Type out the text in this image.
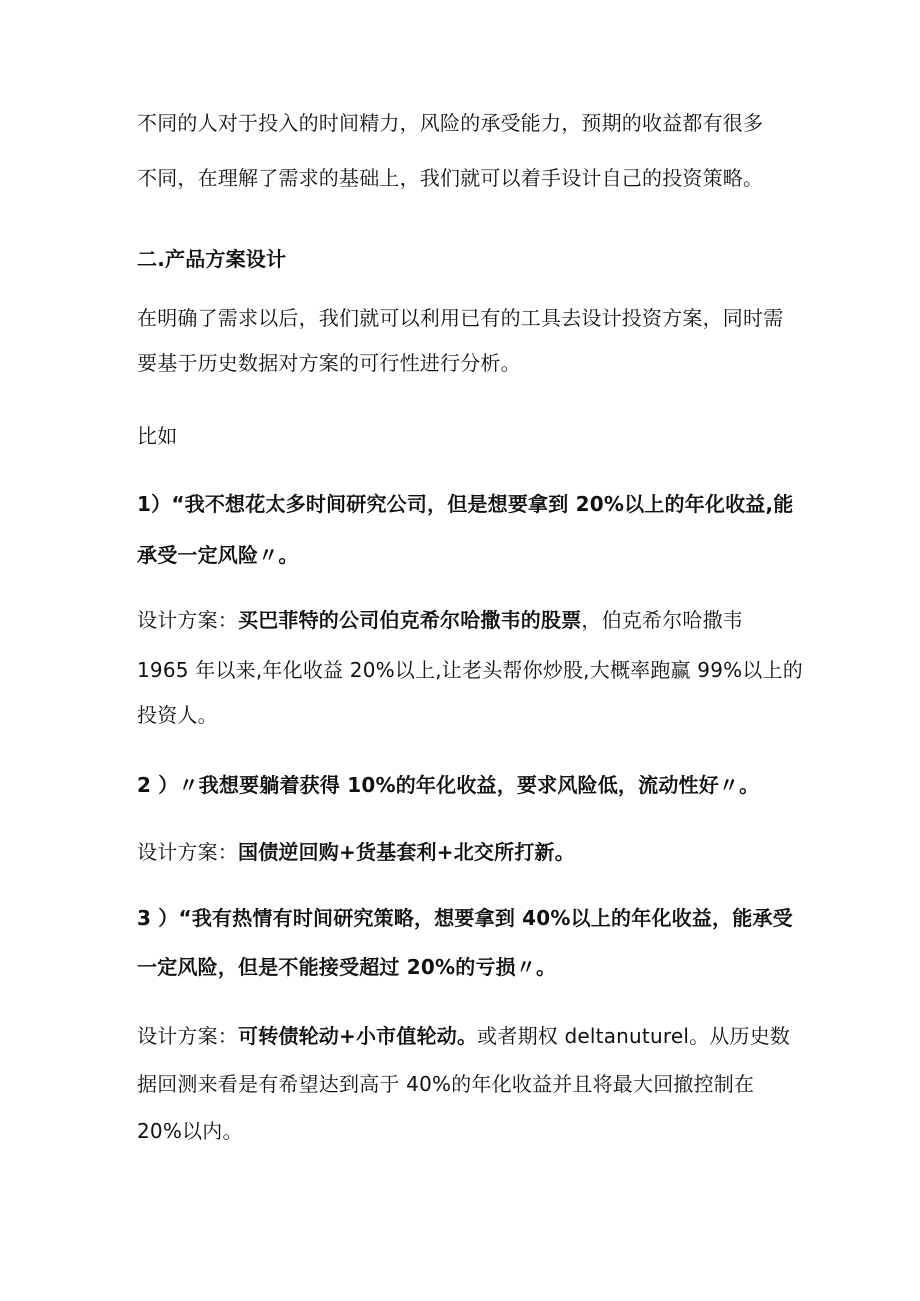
不同的人对于投入的时间精力，风险的承受能力，预期的收益都有很多
不同，在理解了需求的基础上，我们就可以着手设计自己的投资策略。
二.产品方案设计
在明确了需求以后，我们就可以利用已有的工具去设计投资方案，同时需
要基于历史数据对方案的可行性进行分析。
比如
1）“我不想花太多时间研究公司，但是想要拿到 20%以上的年化收益,能
承受一定风险〃。
设计方案：买巴菲特的公司伯克希尔哈撒韦的股票，伯克希尔哈撒韦
1965 年以来,年化收益 20%以上,让老头帮你炒股,大概率跑赢 99%以上的
投资人。
2 ）〃我想要躺着获得 10%的年化收益，要求风险低，流动性好〃。
设计方案：国债逆回购+货基套利+北交所打新。
3 ）“我有热情有时间研究策略，想要拿到 40%以上的年化收益，能承受
一定风险，但是不能接受超过 20%的亏损〃。
设计方案：可转债轮动+小市值轮动。或者期权 deltanuturel。从历史数
据回测来看是有希望达到高于 40%的年化收益并且将最大回撤控制在
20%以内。
